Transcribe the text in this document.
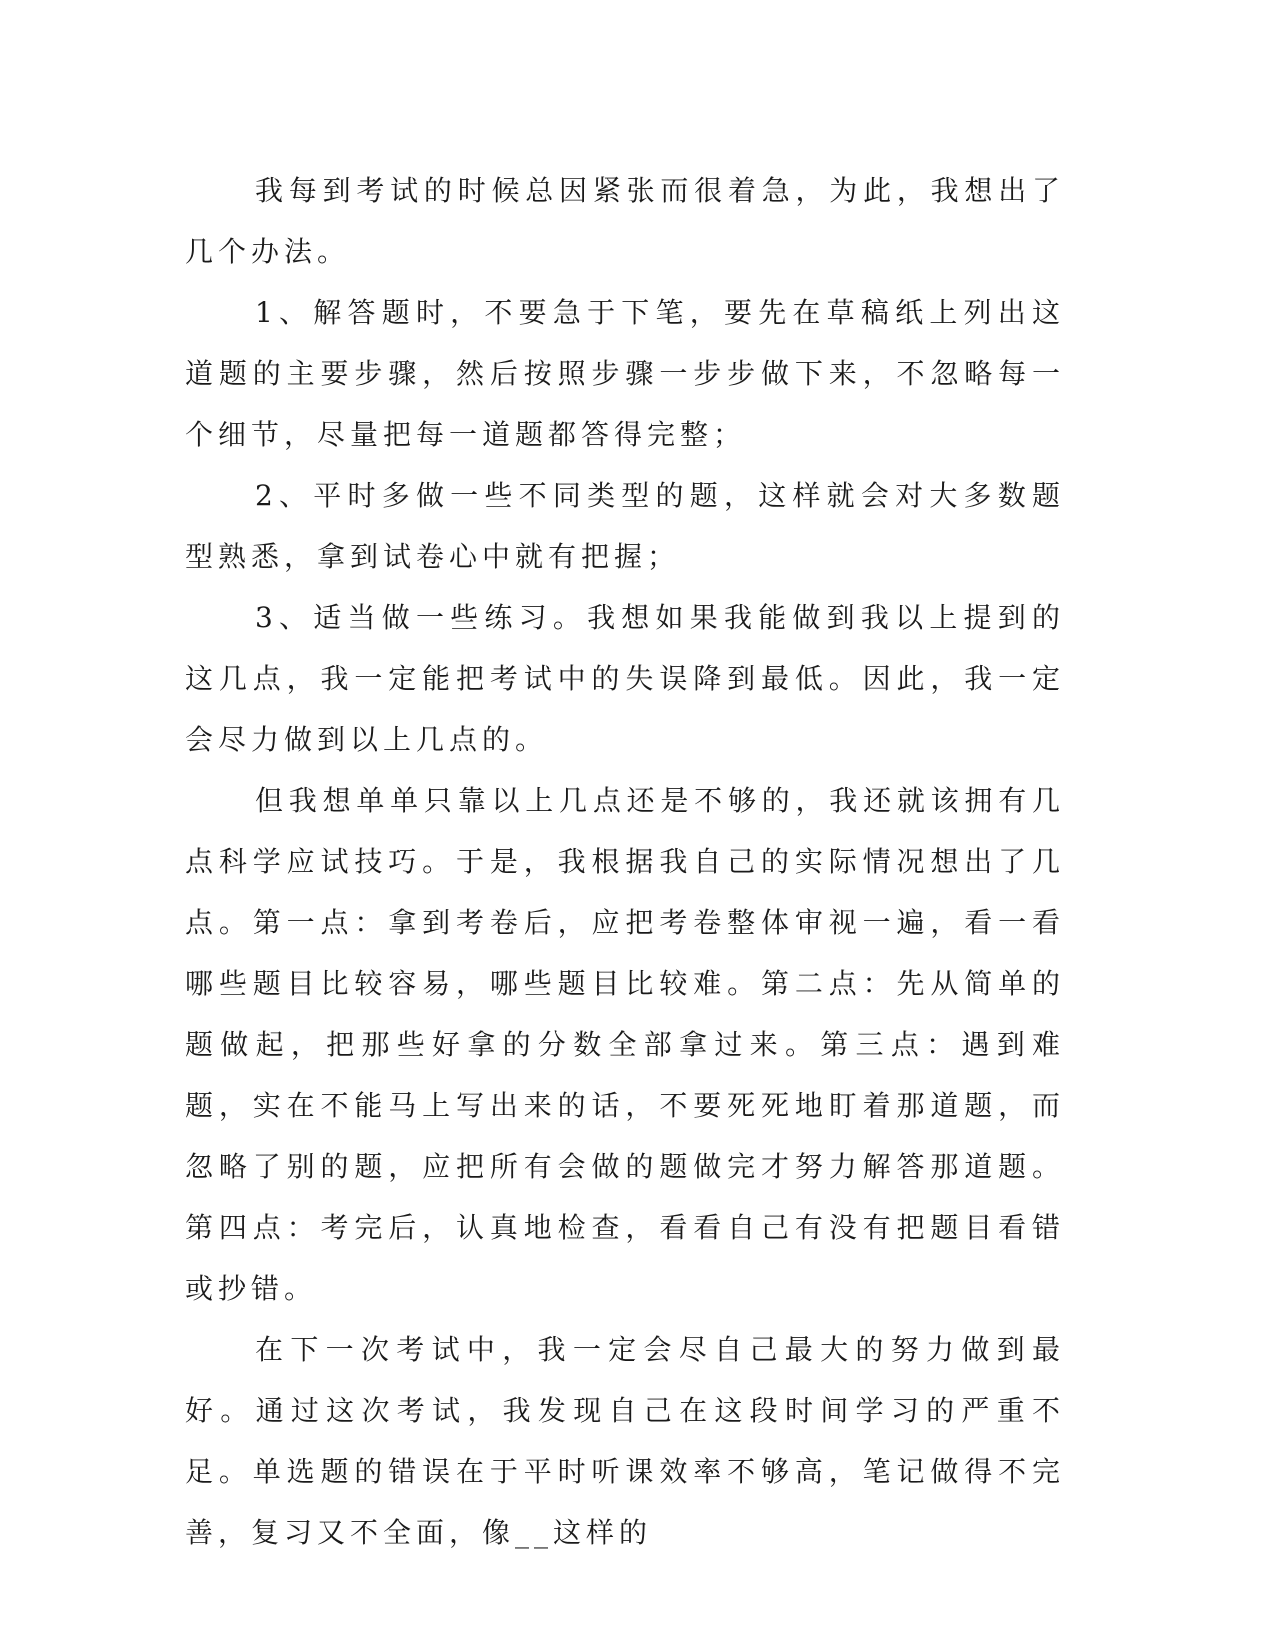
我每到考试的时候总因紧张而很着急，为此，我想出了几个办法。

1、解答题时，不要急于下笔，要先在草稿纸上列出这道题的主要步骤，然后按照步骤一步步做下来，不忽略每一个细节，尽量把每一道题都答得完整；

2、平时多做一些不同类型的题，这样就会对大多数题型熟悉，拿到试卷心中就有把握；

3、适当做一些练习。我想如果我能做到我以上提到的这几点，我一定能把考试中的失误降到最低。因此，我一定会尽力做到以上几点的。

但我想单单只靠以上几点还是不够的，我还就该拥有几点科学应试技巧。于是，我根据我自己的实际情况想出了几点。第一点：拿到考卷后，应把考卷整体审视一遍，看一看哪些题目比较容易，哪些题目比较难。第二点：先从简单的题做起，把那些好拿的分数全部拿过来。第三点：遇到难题，实在不能马上写出来的话，不要死死地盯着那道题，而忽略了别的题，应把所有会做的题做完才努力解答那道题。第四点：考完后，认真地检查，看看自己有没有把题目看错或抄错。

在下一次考试中，我一定会尽自己最大的努力做到最好。通过这次考试，我发现自己在这段时间学习的严重不足。单选题的错误在于平时听课效率不够高，笔记做得不完善，复习又不全面，像__这样的
